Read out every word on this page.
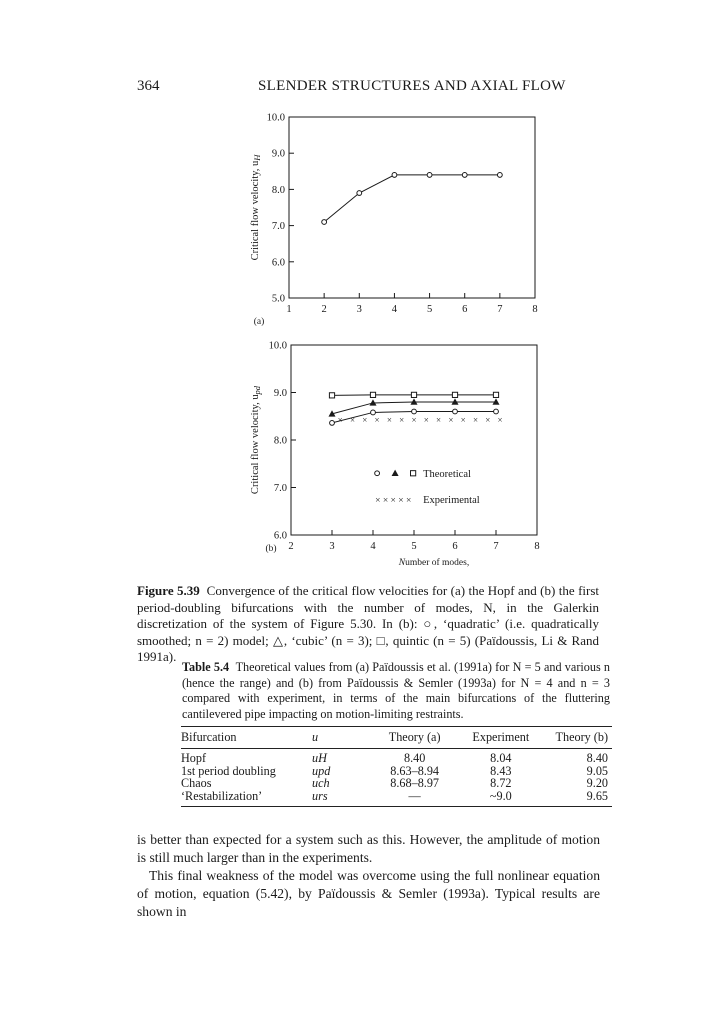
364	SLENDER STRUCTURES AND AXIAL FLOW
10.0
9.0
8.0
7.0
6.0
5.0
1	2	3	4	5	6	7	8
Critical flow velocity, uH
(a)
10.0
9.0
8.0
7.0
6.0
2	3	4	5	6	7	8
Critical flow velocity, upd
(b)
× × × × × × × × × × × × × ×
Number of modes,
Theoretical
× × × × × Experimental
Figure 5.39 Convergence of the critical flow velocities for (a) the Hopf and (b) the first period-doubling bifurcations with the number of modes, N, in the Galerkin discretization of the system of Figure 5.30. In (b): ○, ‘quadratic’ (i.e. quadratically smoothed; n = 2) model; △, ‘cubic’ (n = 3); □, quintic (n = 5) (Païdoussis, Li & Rand 1991a).
Table 5.4 Theoretical values from (a) Païdoussis et al. (1991a) for N = 5 and various n (hence the range) and (b) from Païdoussis & Semler (1993a) for N = 4 and n = 3 compared with experiment, in terms of the main bifurcations of the fluttering cantilevered pipe impacting on motion-limiting restraints.
Bifurcation	u	Theory (a)	Experiment	Theory (b)
Hopf	uH	8.40	8.04	8.40
1st period doubling	upd	8.63–8.94	8.43	9.05
Chaos	uch	8.68–8.97	8.72	9.20
‘Restabilization’	urs	—	~9.0	9.65

is better than expected for a system such as this. However, the amplitude of motion is still much larger than in the experiments.

This final weakness of the model was overcome using the full nonlinear equation of motion, equation (5.42), by Païdoussis & Semler (1993a). Typical results are shown in
